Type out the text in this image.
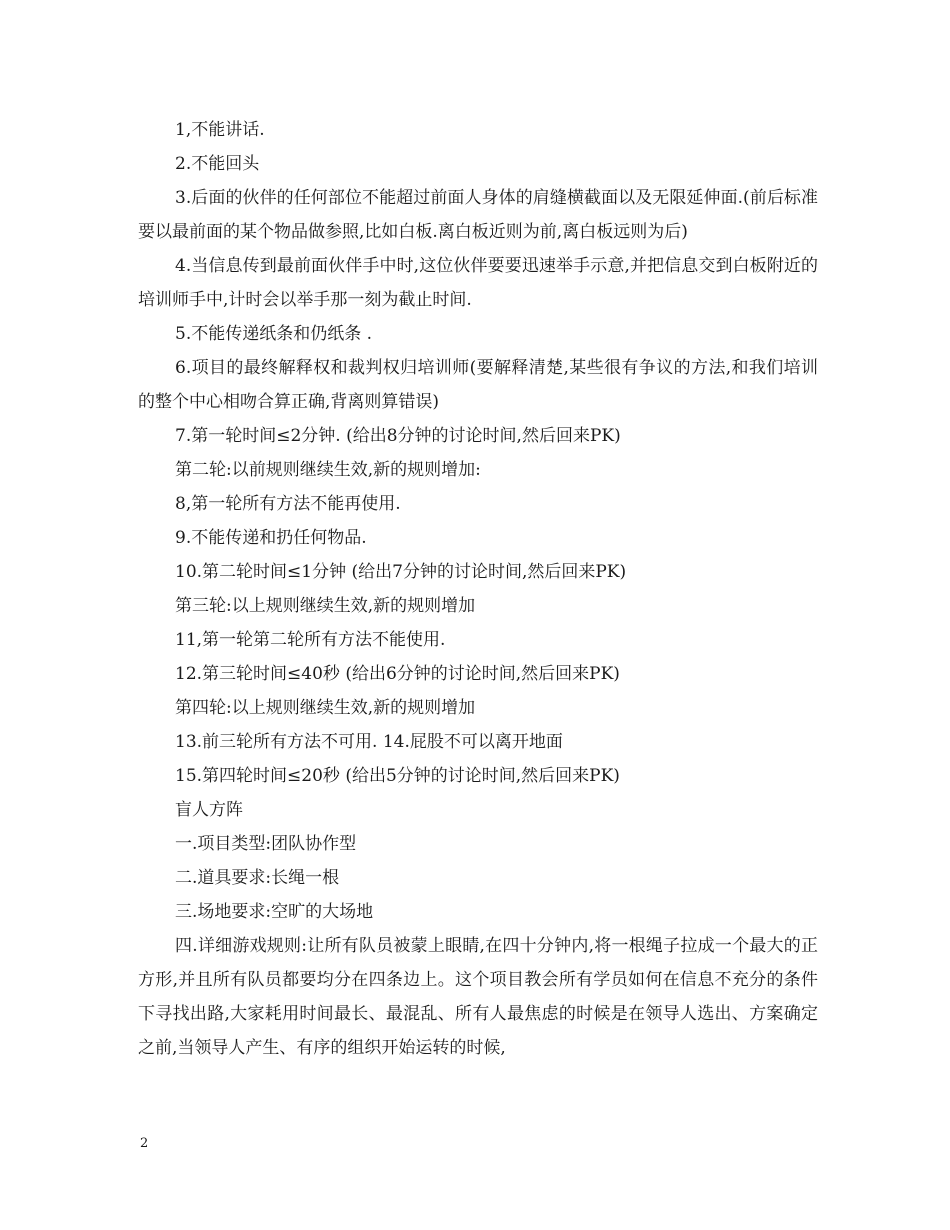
1,不能讲话.

2.不能回头

3.后面的伙伴的任何部位不能超过前面人身体的肩缝横截面以及无限延伸面.(前后标准要以最前面的某个物品做参照,比如白板.离白板近则为前,离白板远则为后)

4.当信息传到最前面伙伴手中时,这位伙伴要要迅速举手示意,并把信息交到白板附近的培训师手中,计时会以举手那一刻为截止时间.

5.不能传递纸条和仍纸条 .

6.项目的最终解释权和裁判权归培训师(要解释清楚,某些很有争议的方法,和我们培训的整个中心相吻合算正确,背离则算错误)

7.第一轮时间≤2分钟. (给出8分钟的讨论时间,然后回来PK)

第二轮:以前规则继续生效,新的规则增加:

8,第一轮所有方法不能再使用.

9.不能传递和扔任何物品.

10.第二轮时间≤1分钟 (给出7分钟的讨论时间,然后回来PK)

第三轮:以上规则继续生效,新的规则增加

11,第一轮第二轮所有方法不能使用.

12.第三轮时间≤40秒 (给出6分钟的讨论时间,然后回来PK)

第四轮:以上规则继续生效,新的规则增加

13.前三轮所有方法不可用. 14.屁股不可以离开地面

15.第四轮时间≤20秒 (给出5分钟的讨论时间,然后回来PK)

盲人方阵

一.项目类型:团队协作型

二.道具要求:长绳一根

三.场地要求:空旷的大场地

四.详细游戏规则:让所有队员被蒙上眼睛,在四十分钟内,将一根绳子拉成一个最大的正方形,并且所有队员都要均分在四条边上。这个项目教会所有学员如何在信息不充分的条件下寻找出路,大家耗用时间最长、最混乱、所有人最焦虑的时候是在领导人选出、方案确定之前,当领导人产生、有序的组织开始运转的时候,

2
